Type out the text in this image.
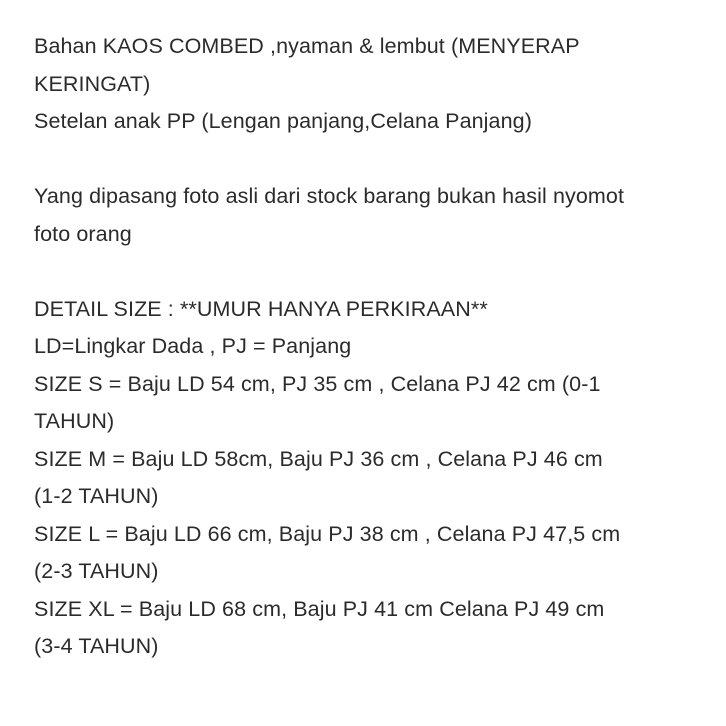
Bahan KAOS COMBED ,nyaman & lembut (MENYERAP
KERINGAT)
Setelan anak PP (Lengan panjang,Celana Panjang)
Yang dipasang foto asli dari stock barang bukan hasil nyomot
foto orang
DETAIL SIZE : **UMUR HANYA PERKIRAAN**
LD=Lingkar Dada , PJ = Panjang
SIZE S = Baju LD 54 cm, PJ 35 cm , Celana PJ 42 cm (0-1
TAHUN)
SIZE M = Baju LD 58cm, Baju PJ 36 cm , Celana PJ 46 cm
(1-2 TAHUN)
SIZE L = Baju LD 66 cm, Baju PJ 38 cm , Celana PJ 47,5 cm
(2-3 TAHUN)
SIZE XL = Baju LD 68 cm, Baju PJ 41 cm Celana PJ 49 cm
(3-4 TAHUN)
